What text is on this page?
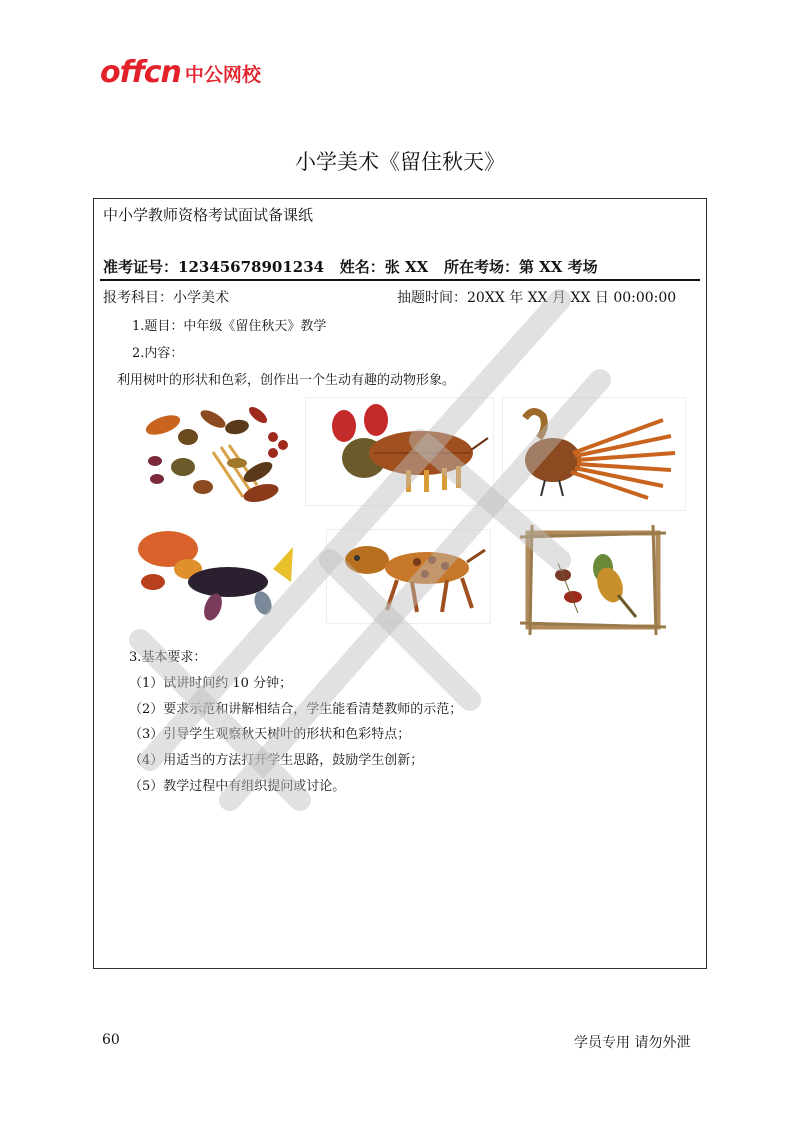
offcn 中公网校
小学美术《留住秋天》
中小学教师资格考试面试备课纸
准考证号：12345678901234   姓名：张 XX   所在考场：第 XX 考场
报考科目：小学美术	抽题时间：20XX 年 XX 月 XX 日 00:00:00
1.题目：中年级《留住秋天》教学
2.内容：
利用树叶的形状和色彩，创作出一个生动有趣的动物形象。
3.基本要求：
（1）试讲时间约 10 分钟；
（2）要求示范和讲解相结合，学生能看清楚教师的示范；
（3）引导学生观察秋天树叶的形状和色彩特点；
（4）用适当的方法打开学生思路，鼓励学生创新；
（5）教学过程中有组织提问或讨论。
60	学员专用 请勿外泄
